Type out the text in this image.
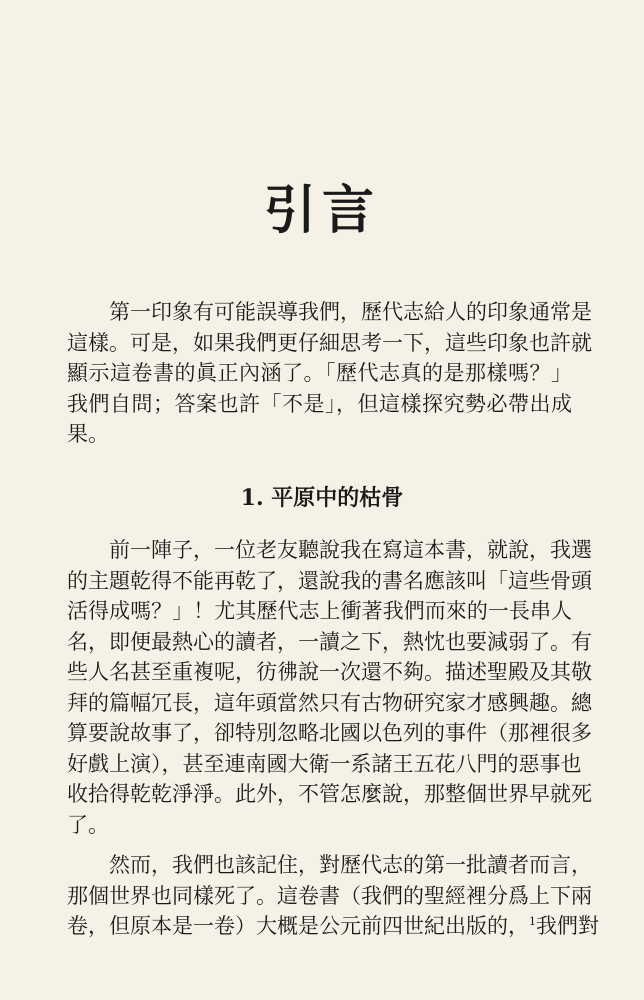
引言

第一印象有可能誤導我們，歷代志給人的印象通常是
這樣。可是，如果我們更仔細思考一下，這些印象也許就
顯示這卷書的眞正內涵了。「歷代志真的是那樣嗎？」
我們自問；答案也許「不是」，但這樣探究勢必帶出成
果。

1. 平原中的枯骨

前一陣子，一位老友聽說我在寫這本書，就說，我選
的主題乾得不能再乾了，還說我的書名應該叫「這些骨頭
活得成嗎？」！尤其歷代志上衝著我們而來的一長串人
名，即便最熱心的讀者，一讀之下，熱忱也要減弱了。有
些人名甚至重複呢，彷彿說一次還不夠。描述聖殿及其敬
拜的篇幅冗長，這年頭當然只有古物研究家才感興趣。總
算要說故事了，卻特別忽略北國以色列的事件（那裡很多
好戲上演），甚至連南國大衛一系諸王五花八門的惡事也
收拾得乾乾淨淨。此外，不管怎麼說，那整個世界早就死
了。

然而，我們也該記住，對歷代志的第一批讀者而言，
那個世界也同樣死了。這卷書（我們的聖經裡分爲上下兩
卷，但原本是一卷）大概是公元前四世紀出版的，$^1$我們對
